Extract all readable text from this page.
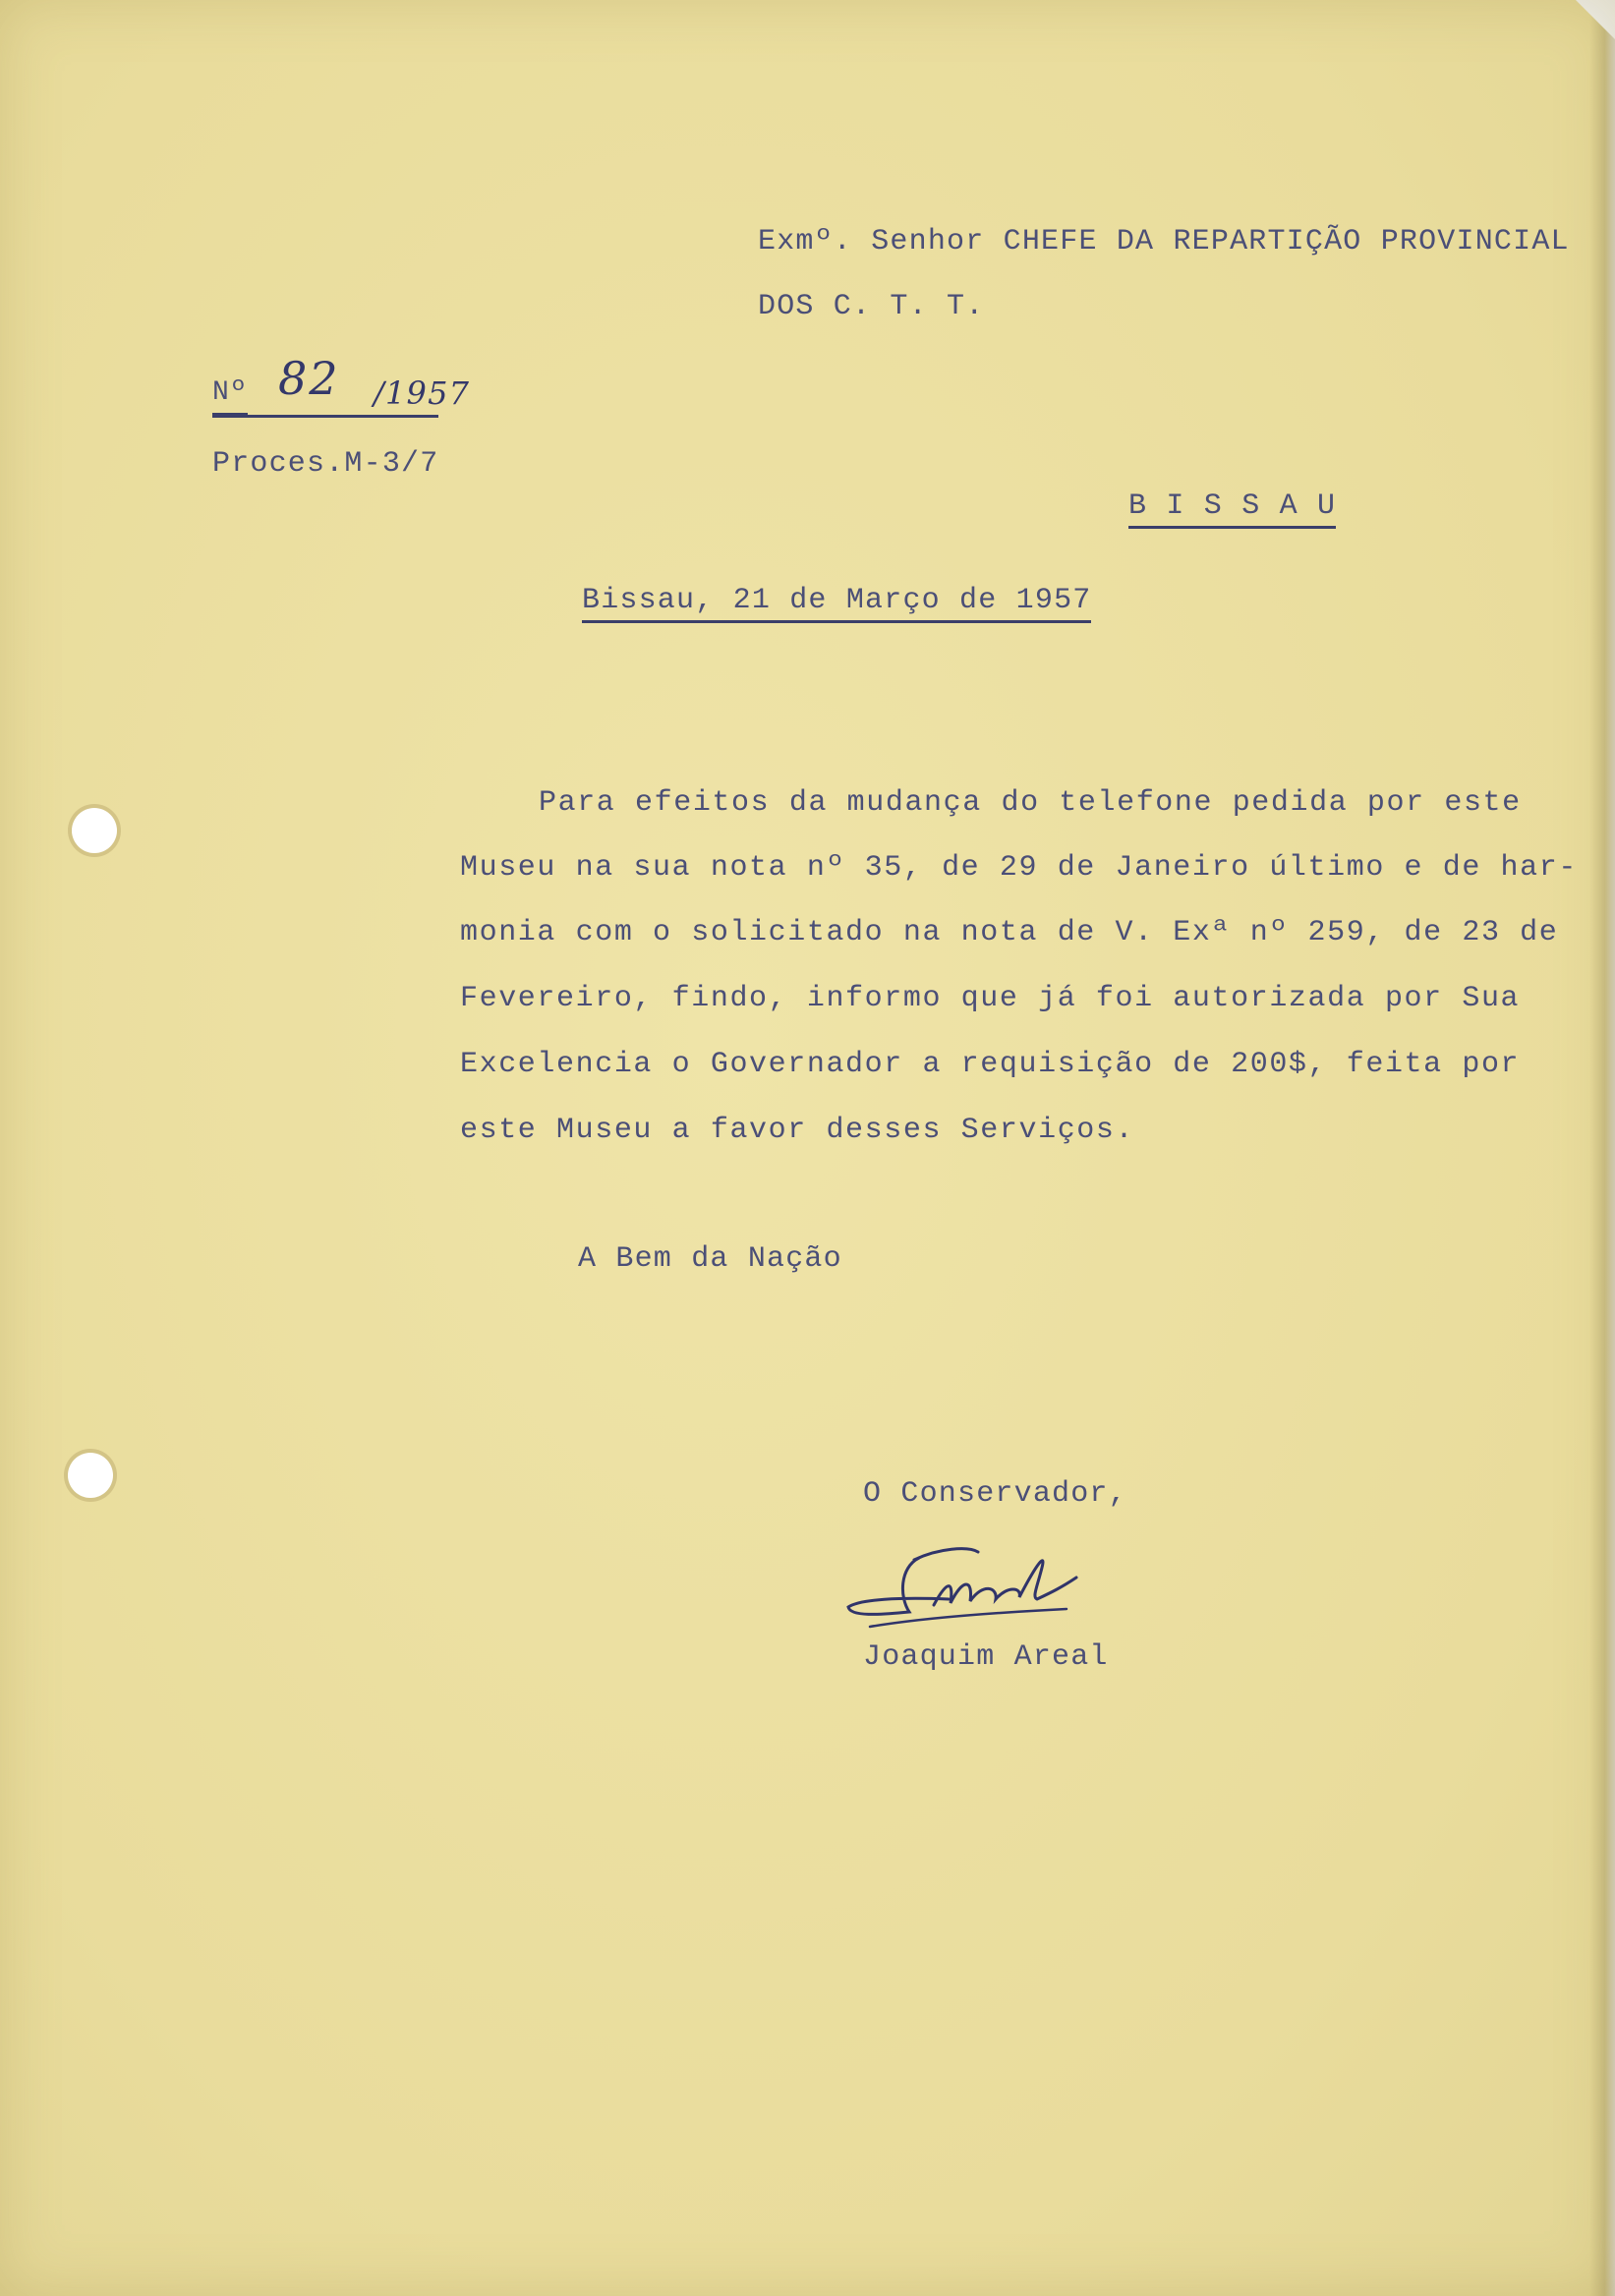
Exmº. Senhor CHEFE DA REPARTIÇÃO PROVINCIAL
DOS C. T. T.
Nº 82 /1957
Proces.M-3/7
B I S S A U
Bissau, 21 de Março de 1957
Para efeitos da mudança do telefone pedida por este
Museu na sua nota nº 35, de 29 de Janeiro último e de har-
monia com o solicitado na nota de V. Exª nº 259, de 23 de
Fevereiro, findo, informo que já foi autorizada por Sua
Excelencia o Governador a requisição de 200$, feita por
este Museu a favor desses Serviços.
A Bem da Nação
O Conservador,
Joaquim Areal
